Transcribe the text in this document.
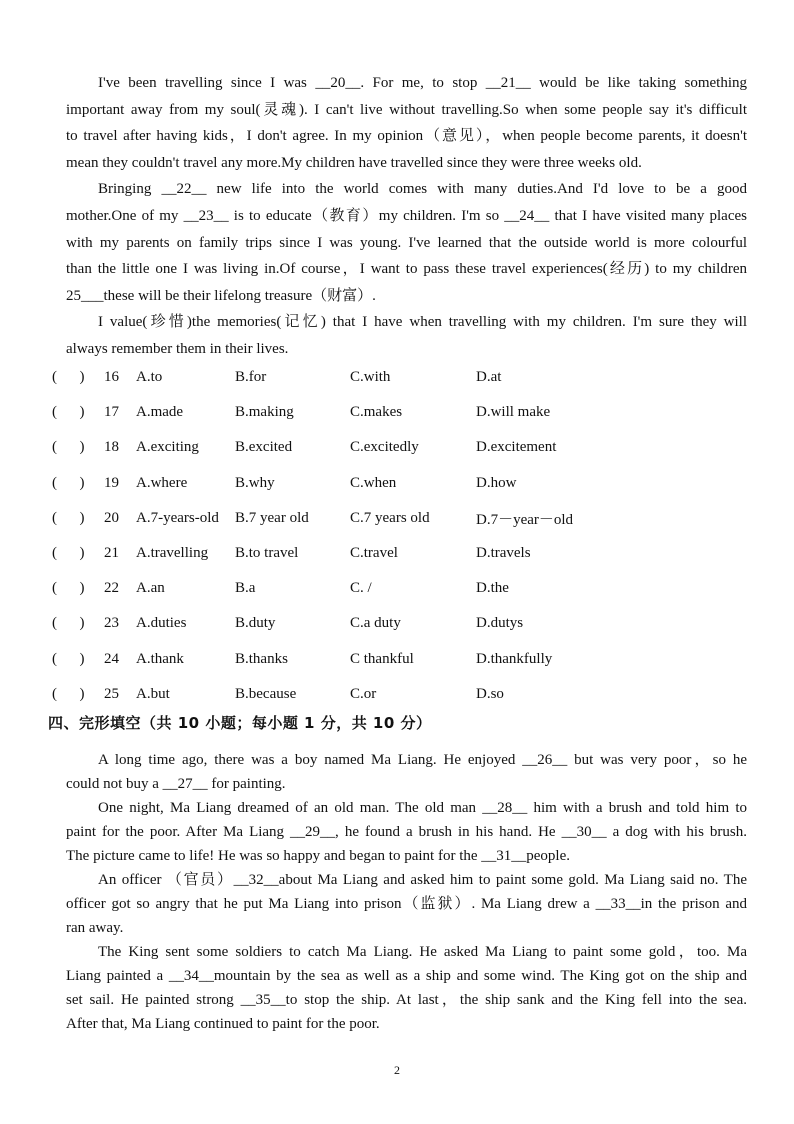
I've been travelling since I was __20__. For me, to stop __21__ would be like taking something
important away from my soul(灵魂). I can't live without travelling.So when some people say it's difficult
to travel after having kids，I don't agree. In my opinion（意见），when people become parents, it doesn't
mean they couldn't travel any more.My children have travelled since they were three weeks old.
Bringing __22__ new life into the world comes with many duties.And I'd love to be a good
mother.One of my __23__ is to educate（教育）my children. I'm so __24__ that I have visited many places
with my parents on family trips since I was young. I've learned that the outside world is more colourful
than the little one I was living in.Of course，I want to pass these travel experiences(经历) to my children
25___these will be their lifelong treasure（财富）.
I value(珍惜)the memories(记忆) that I have when travelling with my children. I'm sure they will
always remember them in their lives.
(      ) 16	A.to	B.for	C.with	D.at
(      ) 17	A.made	B.making	C.makes	D.will make
(      ) 18	A.exciting	B.excited	C.excitedly	D.excitement
(      ) 19	A.where	B.why	C.when	D.how
(      ) 20	A.7-years-old	B.7 year old	C.7 years old	D.7－year－old
(      ) 21	A.travelling	B.to travel	C.travel	D.travels
(      ) 22	A.an	B.a	C. /	D.the
(      ) 23	A.duties	B.duty	C.a duty	D.dutys
(      ) 24	A.thank	B.thanks	C thankful	D.thankfully
(      ) 25	A.but	B.because	C.or	D.so
四、完形填空（共 10 小题；每小题 1 分，共 10 分）
A long time ago, there was a boy named Ma Liang. He enjoyed __26__ but was very poor，so he
could not buy a __27__ for painting.
One night, Ma Liang dreamed of an old man. The old man __28__ him with a brush and told him to
paint for the poor. After Ma Liang __29__, he found a brush in his hand. He __30__ a dog with his brush.
The picture came to life! He was so happy and began to paint for the __31__people.
An officer （官员）__32__about Ma Liang and asked him to paint some gold. Ma Liang said no. The
officer got so angry that he put Ma Liang into prison（监狱）. Ma Liang drew a __33__in the prison and
ran away.
The King sent some soldiers to catch Ma Liang. He asked Ma Liang to paint some gold，too. Ma
Liang painted a __34__mountain by the sea as well as a ship and some wind. The King got on the ship and
set sail. He painted strong __35__to stop the ship. At last，the ship sank and the King fell into the sea.
After that, Ma Liang continued to paint for the poor.
2
